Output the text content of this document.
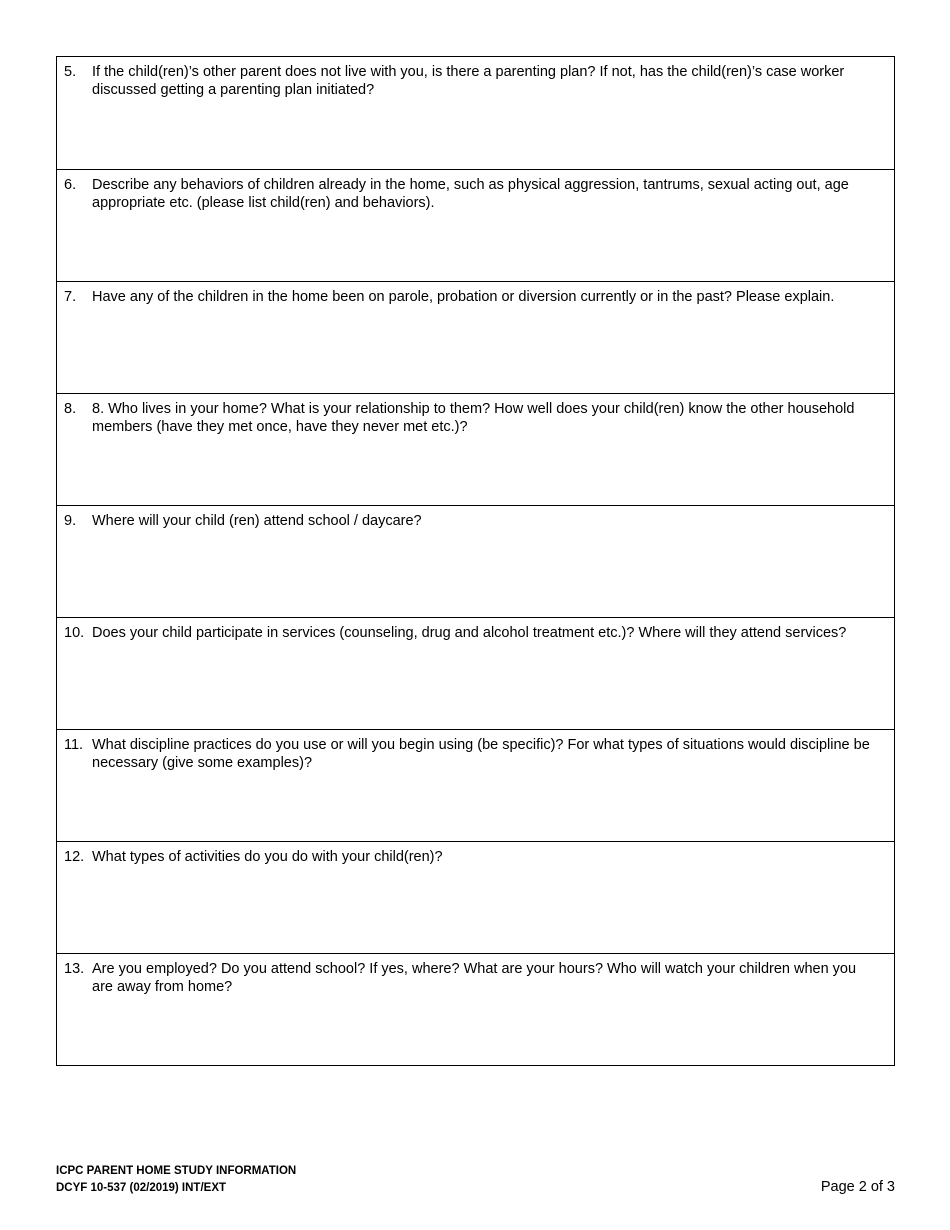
5. If the child(ren)’s other parent does not live with you, is there a parenting plan? If not, has the child(ren)’s case worker discussed getting a parenting plan initiated?
6. Describe any behaviors of children already in the home, such as physical aggression, tantrums, sexual acting out, age appropriate etc. (please list child(ren) and behaviors).
7. Have any of the children in the home been on parole, probation or diversion currently or in the past? Please explain.
8. 8. Who lives in your home? What is your relationship to them? How well does your child(ren) know the other household members (have they met once, have they never met etc.)?
9. Where will your child (ren) attend school / daycare?
10. Does your child participate in services (counseling, drug and alcohol treatment etc.)? Where will they attend services?
11. What discipline practices do you use or will you begin using (be specific)? For what types of situations would discipline be necessary (give some examples)?
12. What types of activities do you do with your child(ren)?
13. Are you employed? Do you attend school? If yes, where? What are your hours? Who will watch your children when you are away from home?
ICPC PARENT HOME STUDY INFORMATION
DCYF 10-537 (02/2019) INT/EXT	Page 2 of 3
